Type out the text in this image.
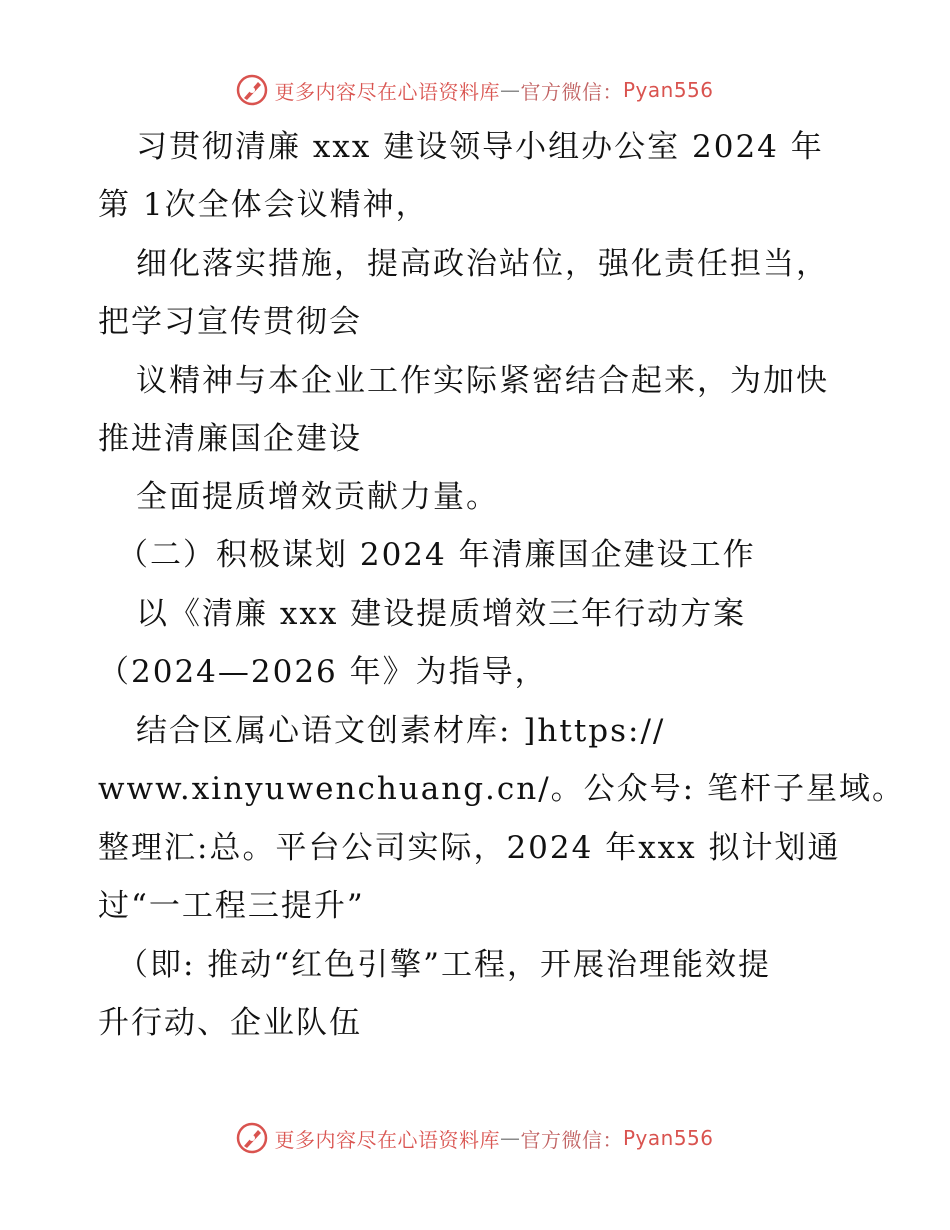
更多内容尽在心语资料库 — 官方微信： Pyan556
习贯彻清廉 xxx 建设领导小组办公室 2024 年
第 1次全体会议精神，
细化落实措施，提高政治站位，强化责任担当，
把学习宣传贯彻会
议精神与本企业工作实际紧密结合起来，为加快
推进清廉国企建设
全面提质增效贡献力量。
（二）积极谋划 2024 年清廉国企建设工作
以《清廉 xxx 建设提质增效三年行动方案
（2024—2026 年》为指导，
结合区属心语文创素材库: ]https://
www.xinyuwenchuang.cn/。公众号: 笔杆子星域。
整理汇:总。平台公司实际，2024 年xxx 拟计划通
过“一工程三提升”
（即: 推动“红色引擎”工程，开展治理能效提
升行动、企业队伍
更多内容尽在心语资料库 — 官方微信： Pyan556
